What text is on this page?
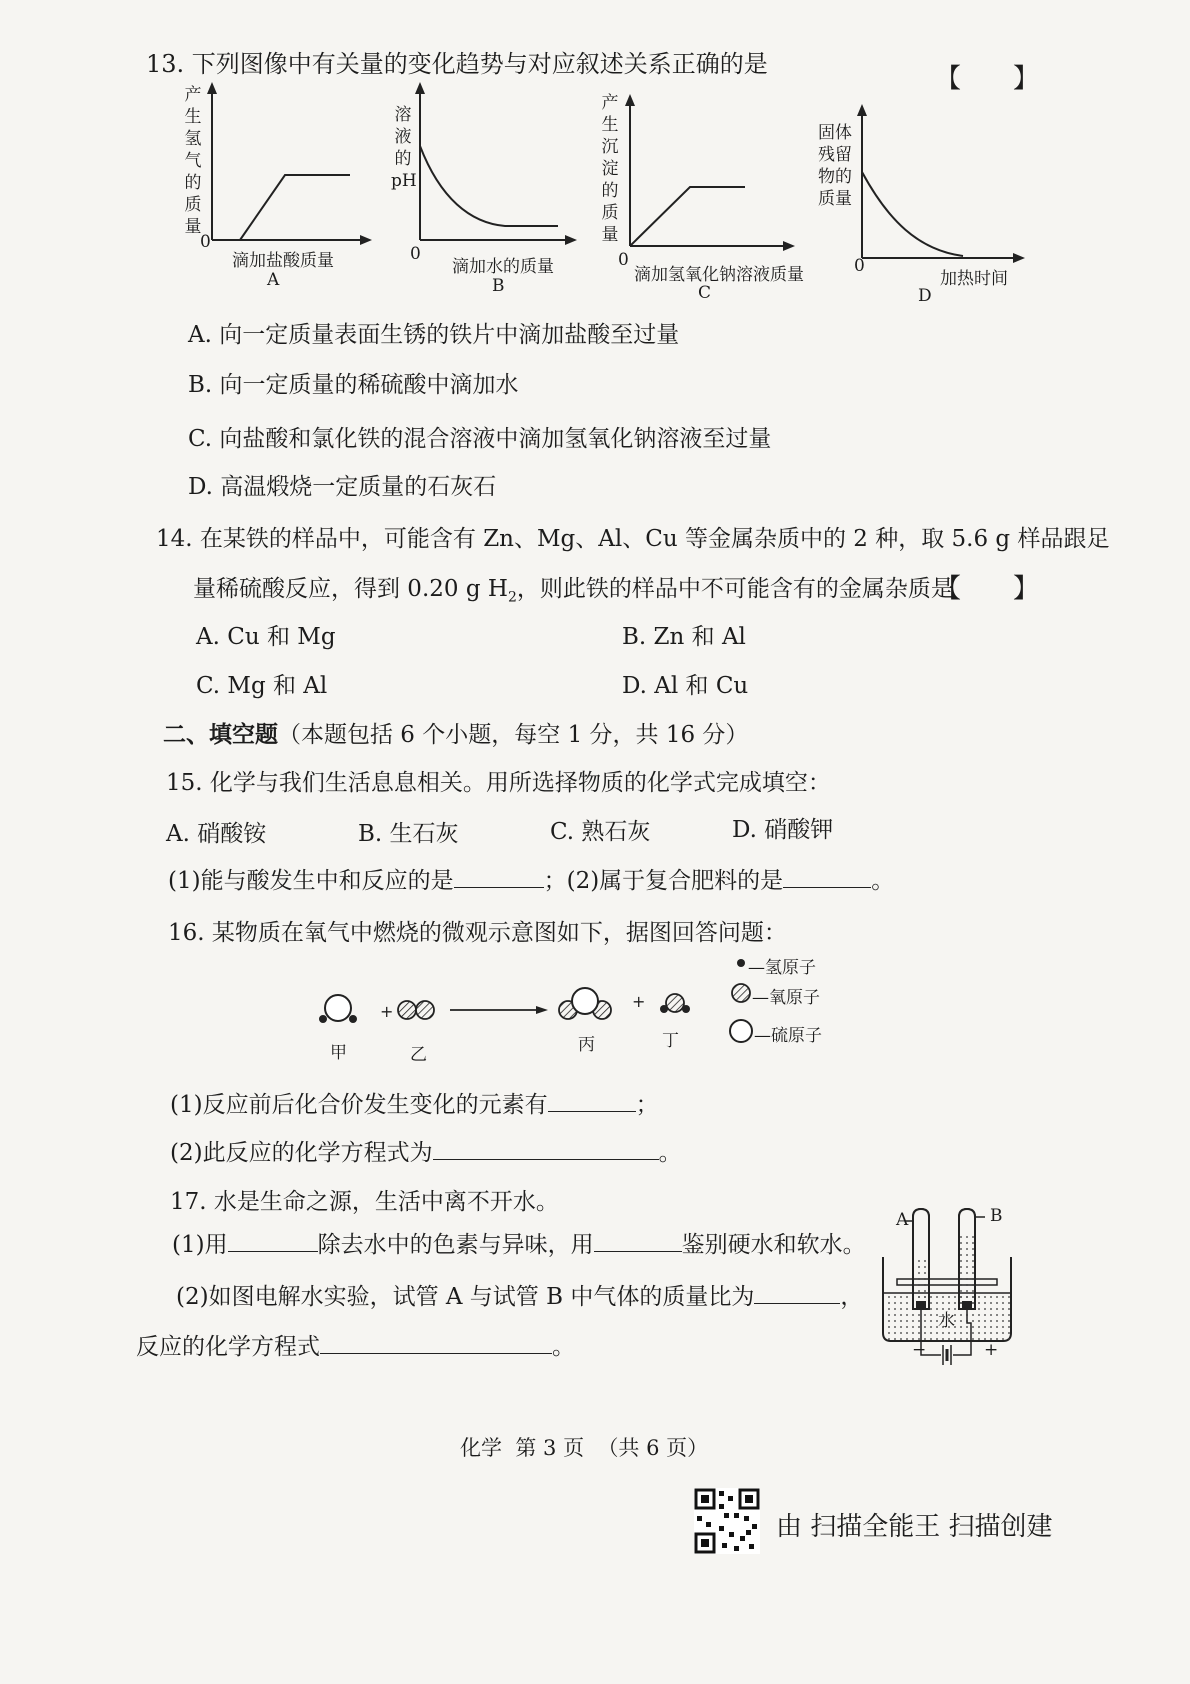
13. 下列图像中有关量的变化趋势与对应叙述关系正确的是	【　　】
产生氢气的质量
0
滴加盐酸质量
A
溶液的pH
0
滴加水的质量
B
产生沉淀的质量
0
滴加氢氧化钠溶液质量
C
固体残留物的质量
0
加热时间
D
A. 向一定质量表面生锈的铁片中滴加盐酸至过量
B. 向一定质量的稀硫酸中滴加水
C. 向盐酸和氯化铁的混合溶液中滴加氢氧化钠溶液至过量
D. 高温煅烧一定质量的石灰石
14. 在某铁的样品中，可能含有 Zn、Mg、Al、Cu 等金属杂质中的 2 种，取 5.6 g 样品跟足
量稀硫酸反应，得到 0.20 g $H_2$，则此铁的样品中不可能含有的金属杂质是
【　　】
A. Cu 和 Mg	B. Zn 和 Al
C. Mg 和 Al	D. Al 和 Cu
二、填空题（本题包括 6 个小题，每空 1 分，共 16 分）
15. 化学与我们生活息息相关。用所选择物质的化学式完成填空：
A. 硝酸铵	B. 生石灰	C. 熟石灰	D. 硝酸钾
(1)能与酸发生中和反应的是	；(2)属于复合肥料的是	。
16. 某物质在氧气中燃烧的微观示意图如下，据图回答问题：
+
+
甲	乙	丙	丁
—氢原子
—氧原子
—硫原子
(1)反应前后化合价发生变化的元素有	；
(2)此反应的化学方程式为	。
17. 水是生命之源，生活中离不开水。
(1)用	除去水中的色素与异味，用	鉴别硬水和软水。
(2)如图电解水实验，试管 A 与试管 B 中气体的质量比为	，
反应的化学方程式	。
A	B
水
−	+
化学 第 3 页 （共 6 页）
由 扫描全能王 扫描创建
